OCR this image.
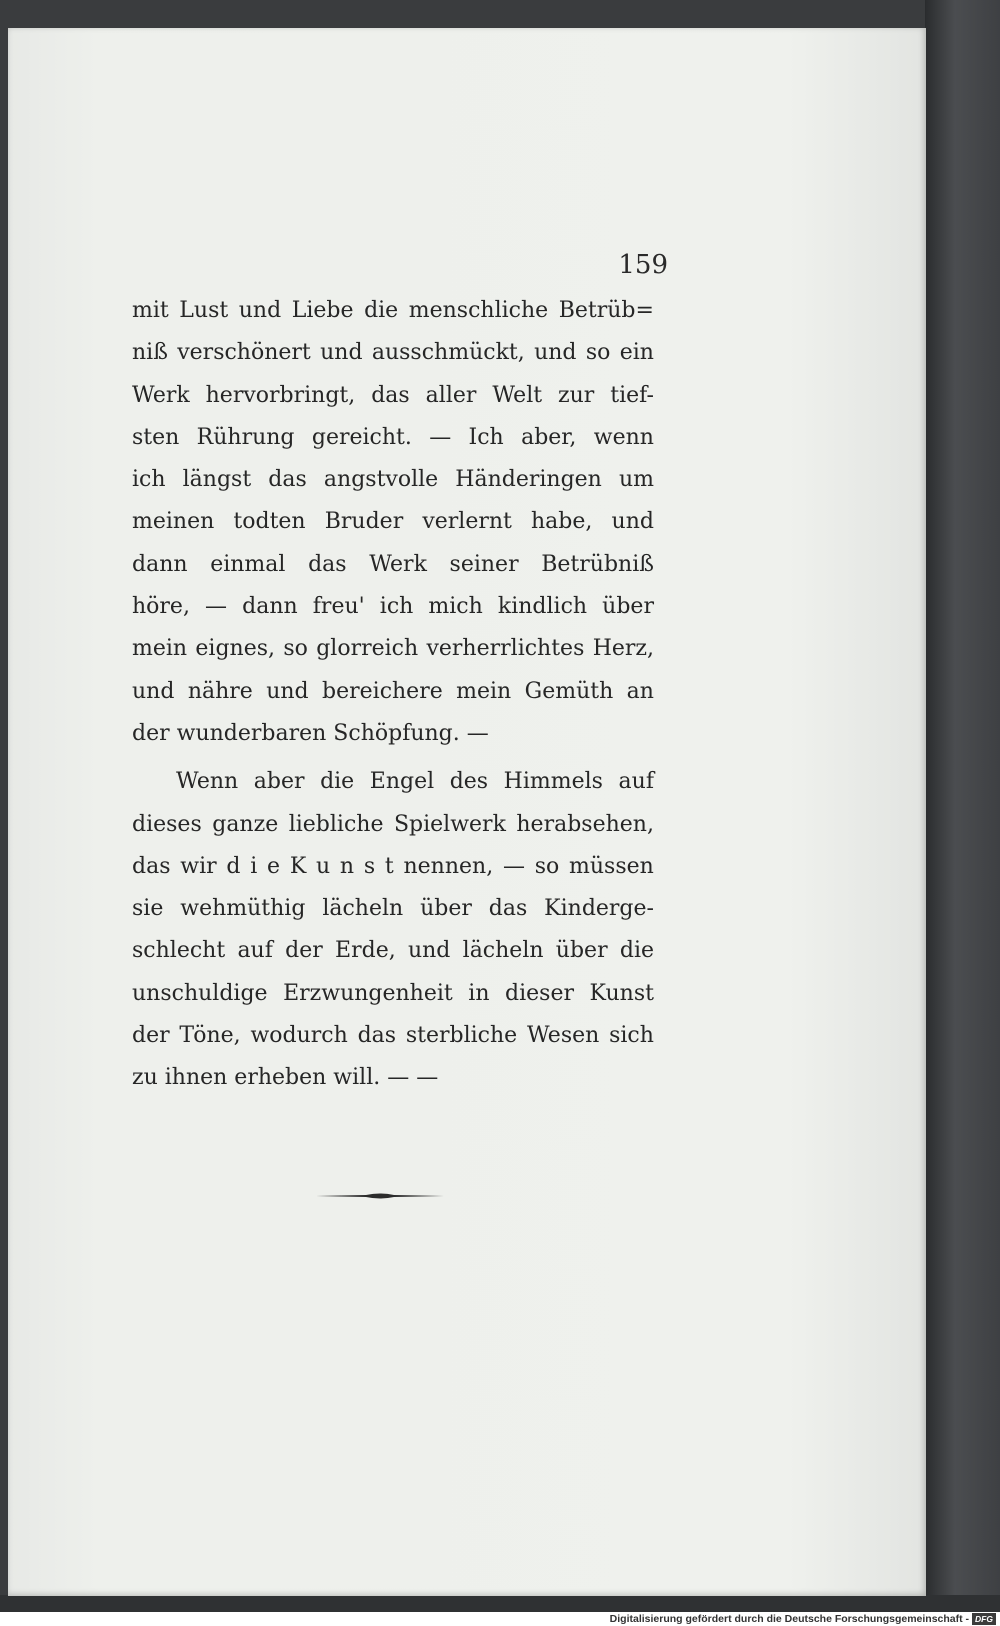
159
mit Lust und Liebe die menschliche Betrüb=
niß verschönert und ausschmückt, und so ein
Werk hervorbringt, das aller Welt zur tief-
sten Rührung gereicht. — Ich aber, wenn
ich längst das angstvolle Händeringen um
meinen todten Bruder verlernt habe, und
dann einmal das Werk seiner Betrübniß
höre, — dann freu' ich mich kindlich über
mein eignes, so glorreich verherrlichtes Herz,
und nähre und bereichere mein Gemüth an
der wunderbaren Schöpfung. —
Wenn aber die Engel des Himmels auf
dieses ganze liebliche Spielwerk herabsehen,
das wir d i e K u n s t nennen, — so müssen
sie wehmüthig lächeln über das Kinderge-
schlecht auf der Erde, und lächeln über die
unschuldige Erzwungenheit in dieser Kunst
der Töne, wodurch das sterbliche Wesen sich
zu ihnen erheben will. — —
Digitalisierung gefördert durch die Deutsche Forschungsgemeinschaft - DFG
